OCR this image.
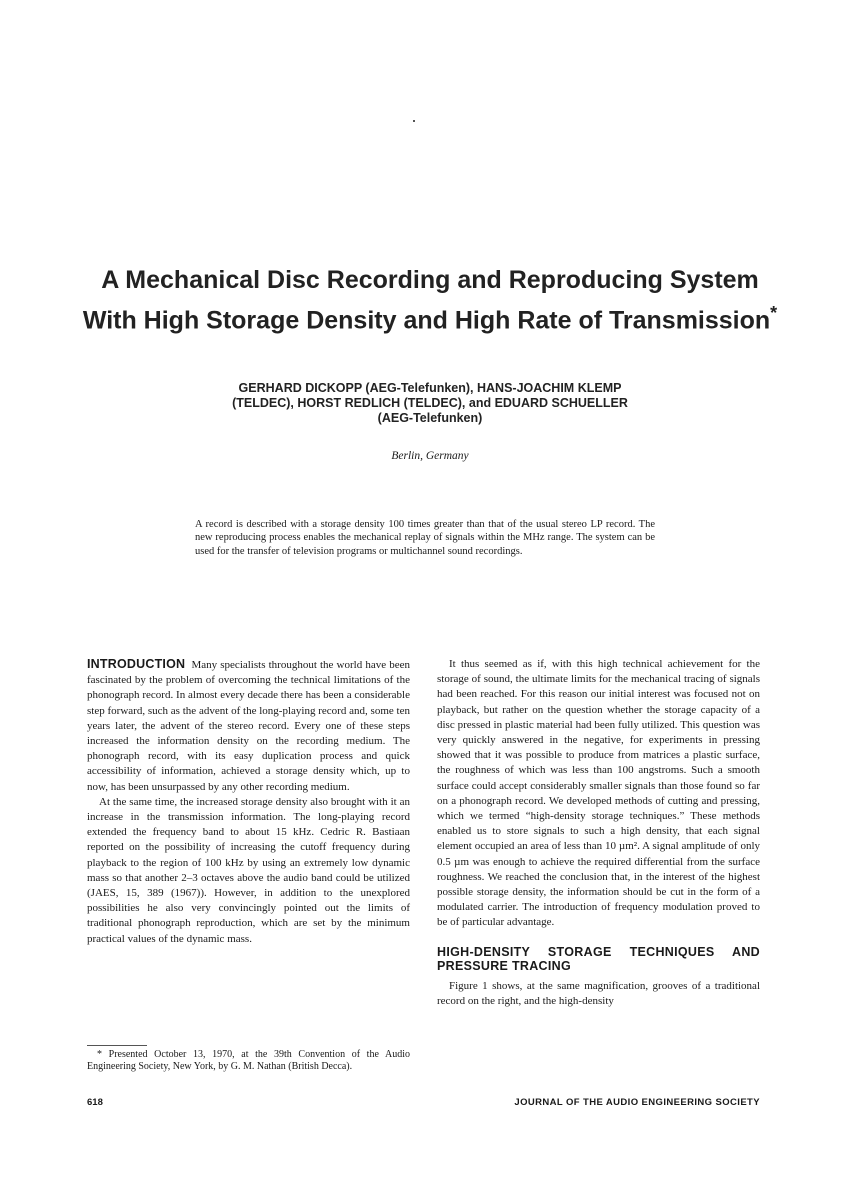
A Mechanical Disc Recording and Reproducing System
With High Storage Density and High Rate of Transmission*
GERHARD DICKOPP (AEG-Telefunken), HANS-JOACHIM KLEMP
(TELDEC), HORST REDLICH (TELDEC), and EDUARD SCHUELLER
(AEG-Telefunken)
Berlin, Germany
A record is described with a storage density 100 times greater than that of the usual stereo LP record. The new reproducing process enables the mechanical replay of signals within the MHz range. The system can be used for the transfer of television programs or multichannel sound recordings.

INTRODUCTION Many specialists throughout the world have been fascinated by the problem of overcoming the technical limitations of the phonograph record. In almost every decade there has been a considerable step forward, such as the advent of the long-playing record and, some ten years later, the advent of the stereo record. Every one of these steps increased the information density on the recording medium. The phonograph record, with its easy duplication process and quick accessibility of information, achieved a storage density which, up to now, has been unsurpassed by any other recording medium.

At the same time, the increased storage density also brought with it an increase in the transmission information. The long-playing record extended the frequency band to about 15 kHz. Cedric R. Bastiaan reported on the possibility of increasing the cutoff frequency during playback to the region of 100 kHz by using an extremely low dynamic mass so that another 2–3 octaves above the audio band could be utilized (JAES, 15, 389 (1967)). However, in addition to the unexplored possibilities he also very convincingly pointed out the limits of traditional phonograph reproduction, which are set by the minimum practical values of the dynamic mass.

It thus seemed as if, with this high technical achievement for the storage of sound, the ultimate limits for the mechanical tracing of signals had been reached. For this reason our initial interest was focused not on playback, but rather on the question whether the storage capacity of a disc pressed in plastic material had been fully utilized. This question was very quickly answered in the negative, for experiments in pressing showed that it was possible to produce from matrices a plastic surface, the roughness of which was less than 100 angstroms. Such a smooth surface could accept considerably smaller signals than those found so far on a phonograph record. We developed methods of cutting and pressing, which we termed “high-density storage techniques.” These methods enabled us to store signals to such a high density, that each signal element occupied an area of less than 10 µm². A signal amplitude of only 0.5 µm was enough to achieve the required differential from the surface roughness. We reached the conclusion that, in the interest of the highest possible storage density, the information should be cut in the form of a modulated carrier. The introduction of frequency modulation proved to be of particular advantage.

HIGH-DENSITY STORAGE TECHNIQUES AND PRESSURE TRACING

Figure 1 shows, at the same magnification, grooves of a traditional record on the right, and the high-density

* Presented October 13, 1970, at the 39th Convention of the Audio Engineering Society, New York, by G. M. Nathan (British Decca).
618	JOURNAL OF THE AUDIO ENGINEERING SOCIETY
